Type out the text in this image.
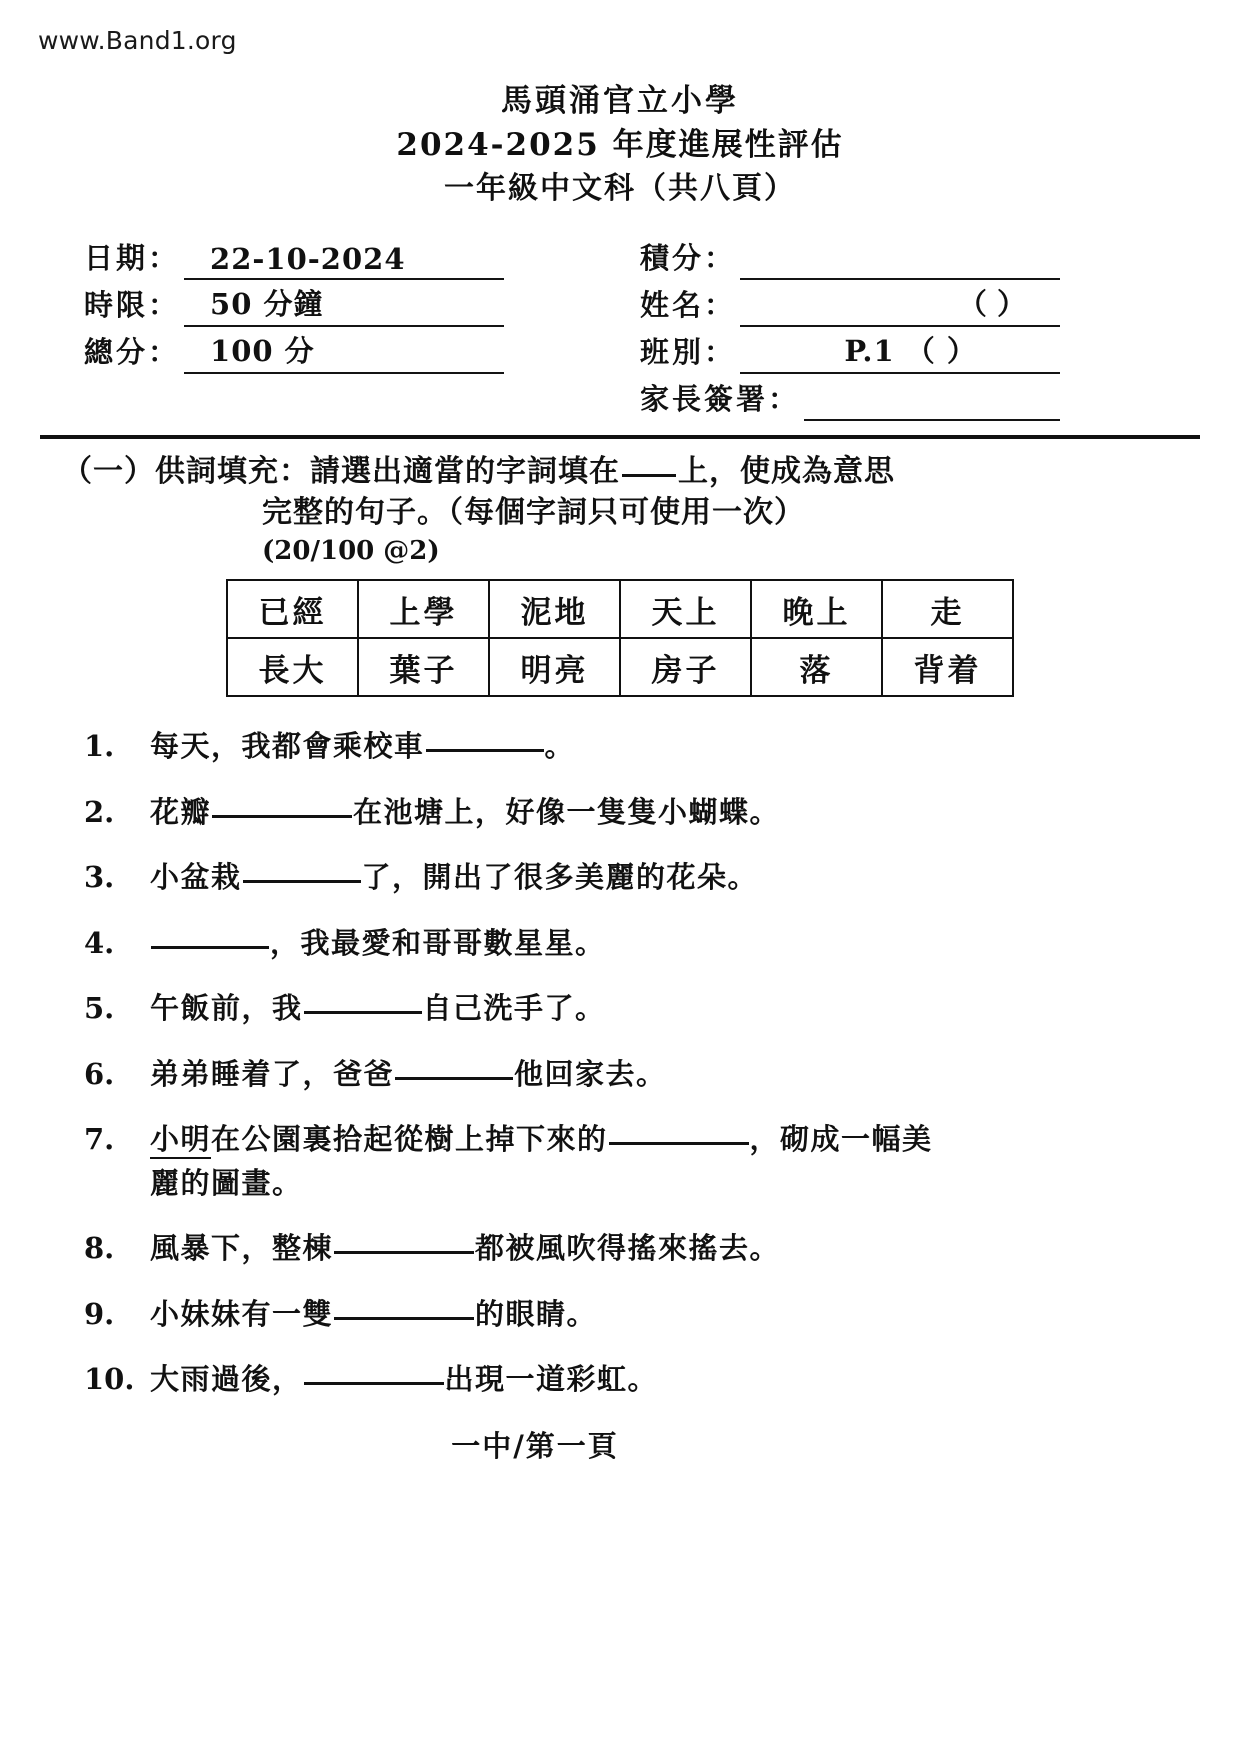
www.Band1.org
馬頭涌官立小學
2024-2025 年度進展性評估
一年級中文科（共八頁）
日期： 22-10-2024
時限： 50 分鐘
總分： 100 分
積分：
姓名：	（ ）
班別：	P.1 （ ）
家長簽署：
（一）供詞填充：請選出適當的字詞填在 上，使成為意思
完整的句子。（每個字詞只可使用一次）
(20/100 @2)
已經	上學	泥地	天上	晚上	走
長大	葉子	明亮	房子	落	背着
1.	每天，我都會乘校車	。
2.	花瓣	在池塘上，好像一隻隻小蝴蝶。
3.	小盆栽	了，開出了很多美麗的花朵。
4.	，我最愛和哥哥數星星。
5.	午飯前，我	自己洗手了。
6.	弟弟睡着了，爸爸	他回家去。
7.	小明在公園裏拾起從樹上掉下來的	，砌成一幅美
麗的圖畫。
8.	風暴下，整棟	都被風吹得搖來搖去。
9.	小妹妹有一雙	的眼睛。
10. 大雨過後，	出現一道彩虹。
一中/第一頁
